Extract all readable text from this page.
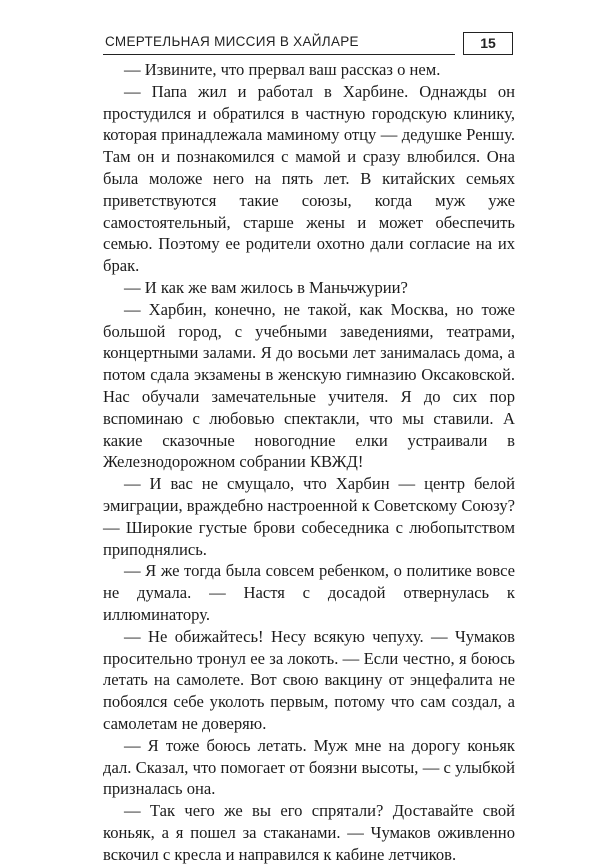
СМЕРТЕЛЬНАЯ МИССИЯ В ХАЙЛАРЕ	15

— Извините, что прервал ваш рассказ о нем.

— Папа жил и работал в Харбине. Однажды он простудился и обратился в частную городскую клинику, которая принадлежала маминому отцу — дедушке Реншу. Там он и познакомился с мамой и сразу влюбился. Она была моложе него на пять лет. В китайских семьях приветствуются такие союзы, когда муж уже самостоятельный, старше жены и может обеспечить семью. Поэтому ее родители охотно дали согласие на их брак.

— И как же вам жилось в Маньчжурии?

— Харбин, конечно, не такой, как Москва, но тоже большой город, с учебными заведениями, театрами, концертными залами. Я до восьми лет занималась дома, а потом сдала экзамены в женскую гимназию Оксаковской. Нас обучали замечательные учителя. Я до сих пор вспоминаю с любовью спектакли, что мы ставили. А какие сказочные новогодние елки устраивали в Железнодорожном собрании КВЖД!

— И вас не смущало, что Харбин — центр белой эмиграции, враждебно настроенной к Советскому Союзу? — Широкие густые брови собеседника с любопытством приподнялись.

— Я же тогда была совсем ребенком, о политике вовсе не думала. — Настя с досадой отвернулась к иллюминатору.

— Не обижайтесь! Несу всякую чепуху. — Чумаков просительно тронул ее за локоть. — Если честно, я боюсь летать на самолете. Вот свою вакцину от энцефалита не побоялся себе уколоть первым, потому что сам создал, а самолетам не доверяю.

— Я тоже боюсь летать. Муж мне на дорогу коньяк дал. Сказал, что помогает от боязни высоты, — с улыбкой призналась она.

— Так чего же вы его спрятали? Доставайте свой коньяк, а я пошел за стаканами. — Чумаков оживленно вскочил с кресла и направился к кабине летчиков.
